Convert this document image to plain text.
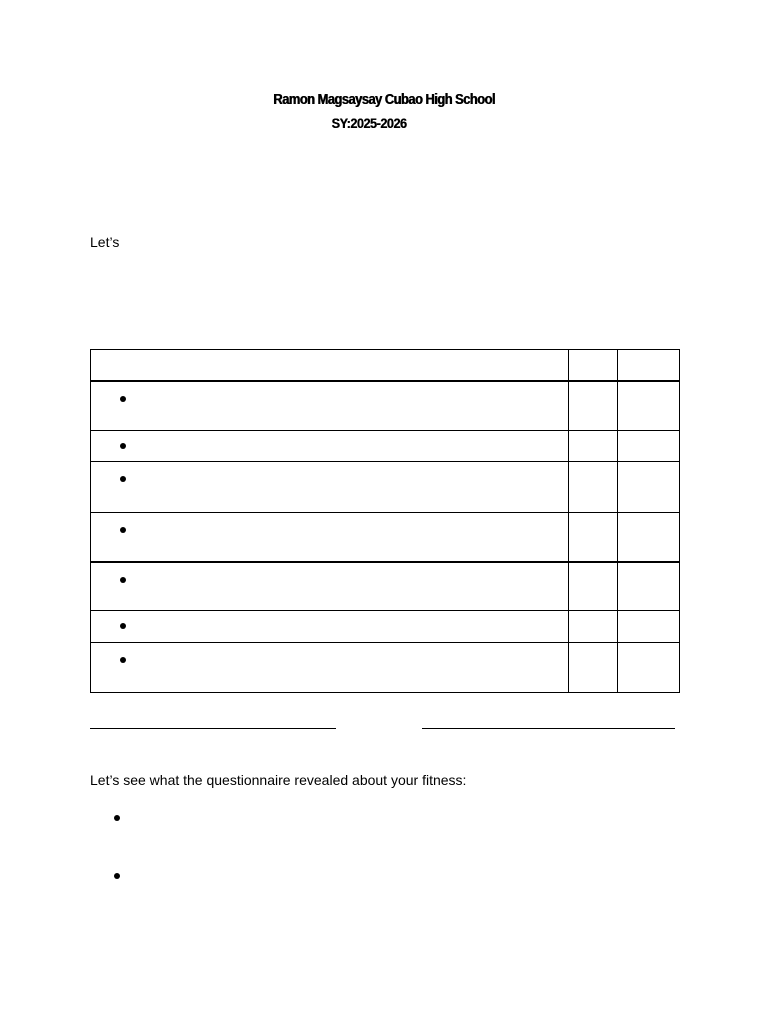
Ramon Magsaysay Cubao High School
SY:2025-2026
Let’s

Let’s see what the questionnaire revealed about your fitness:
